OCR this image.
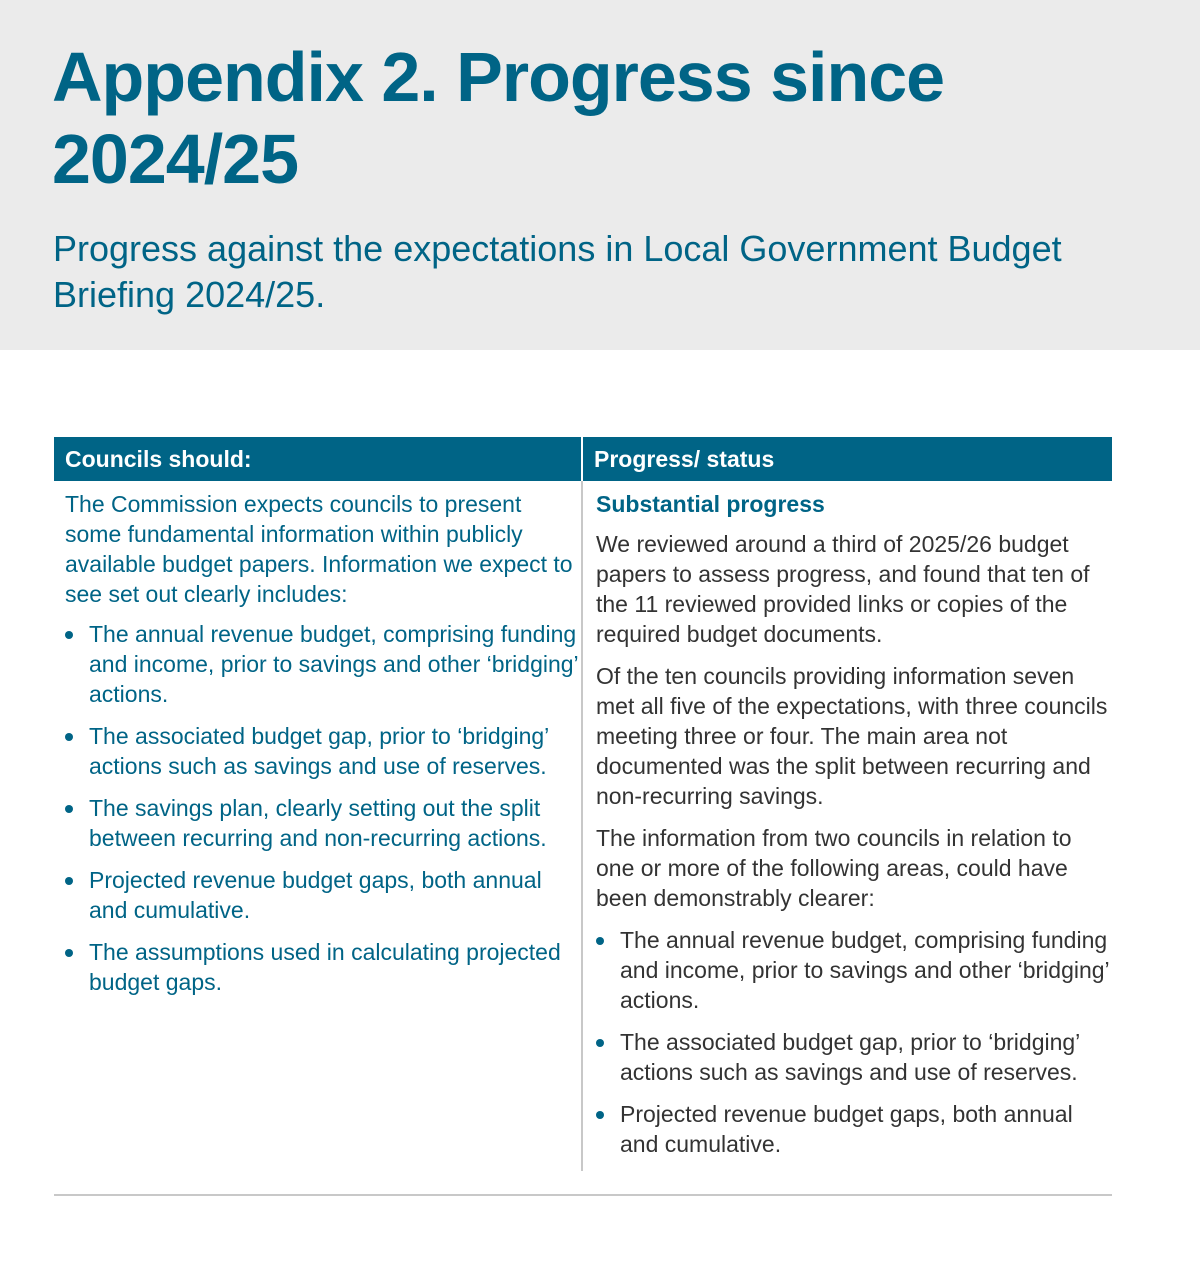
Appendix 2. Progress since 2024/25
Progress against the expectations in Local Government Budget Briefing 2024/25.
Councils should:	Progress/ status

The Commission expects councils to present some fundamental information within publicly available budget papers. Information we expect to see set out clearly includes:

The annual revenue budget, comprising funding and income, prior to savings and other ‘bridging’ actions.
The associated budget gap, prior to ‘bridging’ actions such as savings and use of reserves.
The savings plan, clearly setting out the split between recurring and non-recurring actions.
Projected revenue budget gaps, both annual and cumulative.
The assumptions used in calculating projected budget gaps.

Substantial progress

We reviewed around a third of 2025/26 budget papers to assess progress, and found that ten of the 11 reviewed provided links or copies of the required budget documents.

Of the ten councils providing information seven met all five of the expectations, with three councils meeting three or four. The main area not documented was the split between recurring and non-recurring savings.

The information from two councils in relation to one or more of the following areas, could have been demonstrably clearer:

The annual revenue budget, comprising funding and income, prior to savings and other ‘bridging’ actions.
The associated budget gap, prior to ‘bridging’ actions such as savings and use of reserves.
Projected revenue budget gaps, both annual and cumulative.
